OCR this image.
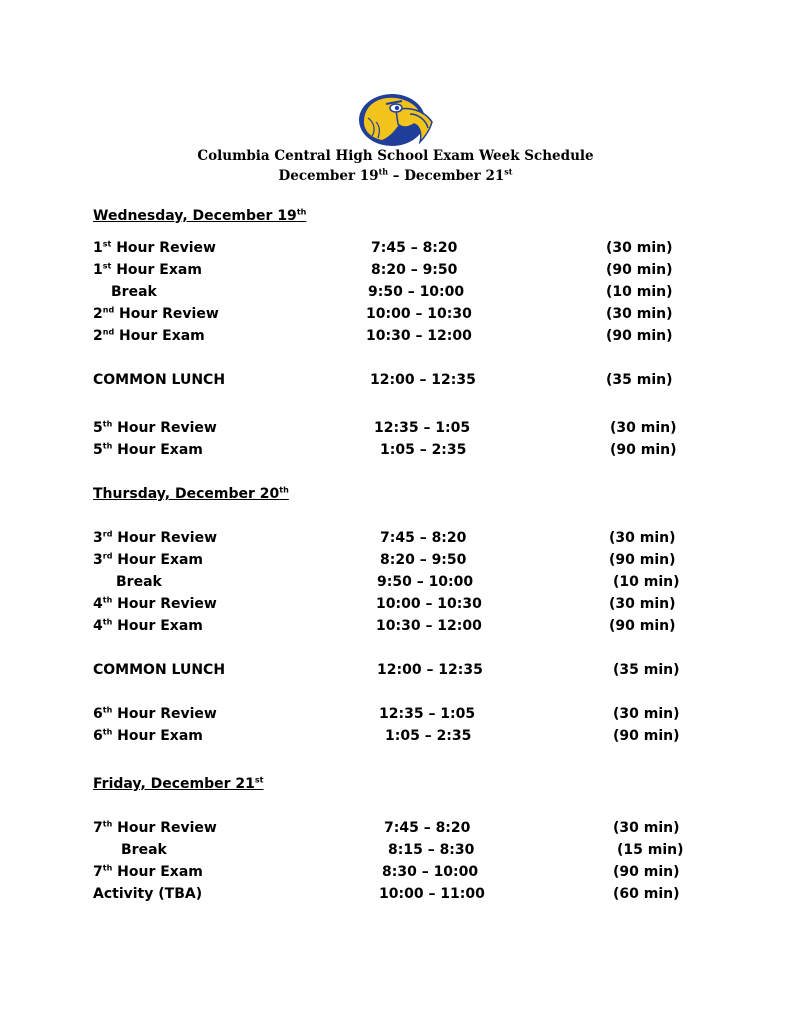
Columbia Central High School Exam Week Schedule
December 19th – December 21st
Wednesday, December 19th
1st Hour Review	7:45 – 8:20	(30 min)
1st Hour Exam	8:20 – 9:50	(90 min)
Break	9:50 – 10:00	(10 min)
2nd Hour Review	10:00 – 10:30	(30 min)
2nd Hour Exam	10:30 – 12:00	(90 min)
COMMON LUNCH	12:00 – 12:35	(35 min)
5th Hour Review	12:35 – 1:05	(30 min)
5th Hour Exam	1:05 – 2:35	(90 min)
Thursday, December 20th
3rd Hour Review	7:45 – 8:20	(30 min)
3rd Hour Exam	8:20 – 9:50	(90 min)
Break	9:50 – 10:00	(10 min)
4th Hour Review	10:00 – 10:30	(30 min)
4th Hour Exam	10:30 – 12:00	(90 min)
COMMON LUNCH	12:00 – 12:35	(35 min)
6th Hour Review	12:35 – 1:05	(30 min)
6th Hour Exam	1:05 – 2:35	(90 min)
Friday, December 21st
7th Hour Review	7:45 – 8:20	(30 min)
Break	8:15 – 8:30	(15 min)
7th Hour Exam	8:30 – 10:00	(90 min)
Activity (TBA)	10:00 – 11:00	(60 min)
